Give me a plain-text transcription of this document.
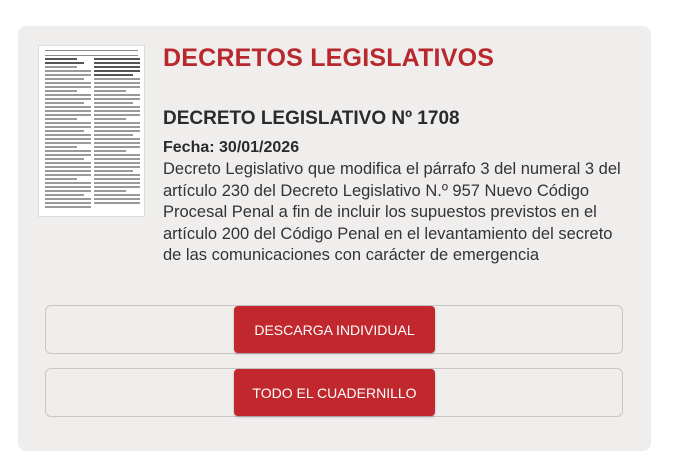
DECRETOS LEGISLATIVOS
DECRETO LEGISLATIVO Nº 1708
Fecha: 30/01/2026

Decreto Legislativo que modifica el párrafo 3 del numeral 3 del artículo 230 del Decreto Legislativo N.º 957 Nuevo Código Procesal Penal a fin de incluir los supuestos previstos en el artículo 200 del Código Penal en el levantamiento del secreto de las comunicaciones con carácter de emergencia

DESCARGA INDIVIDUAL
TODO EL CUADERNILLO
